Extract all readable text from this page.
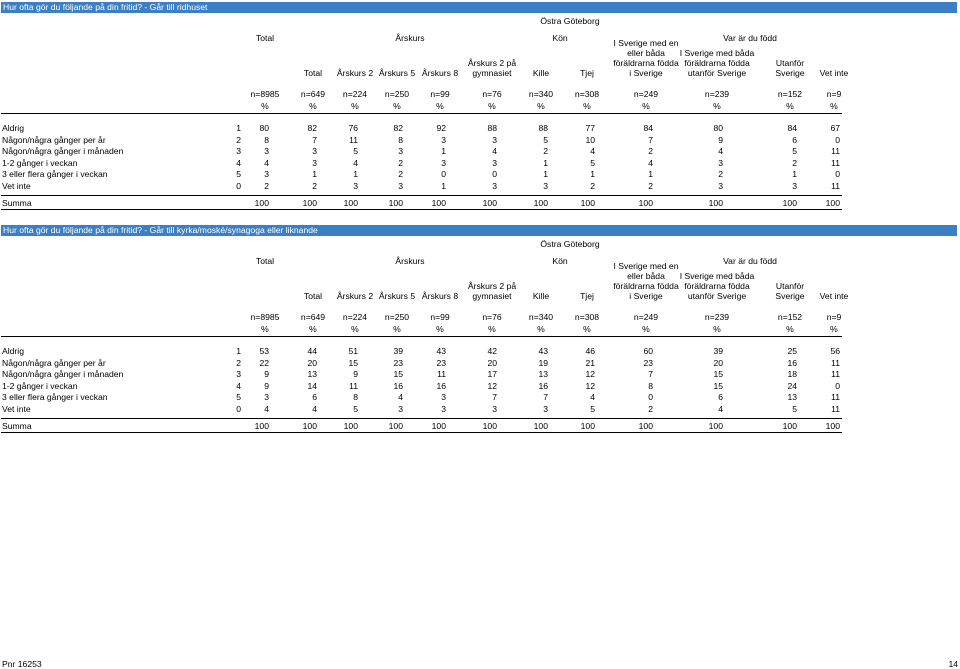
Hur ofta gör du följande på din fritid? - Går till ridhuset
Östra Göteborg
Total	Årskurs	Kön	Var är du född
Total	Årskurs 2 Årskurs 5 Årskurs 8
Årskurs 2 på
gymnasiet	Kille	Tjej
I Sverige med en
eller båda
föräldrarna födda
i Sverige
I Sverige med båda
föräldrarna födda
utanför Sverige
Utanför
Sverige	Vet inte
n=8985	n=649	n=224	n=250	n=99	n=76	n=340	n=308	n=249	n=239	n=152	n=9
%	%	%	%	%	%	%	%	%	%	%	%
Aldrig	1	80	82	76	82	92	88	88	77	84	80	84	67
Någon/några gånger per år	2	8	7	11	8	3	3	5	10	7	9	6	0
Någon/några gånger i månaden	3	3	3	5	3	1	4	2	4	2	4	5	11
1-2 gånger i veckan	4	4	3	4	2	3	3	1	5	4	3	2	11
3 eller flera gånger i veckan	5	3	1	1	2	0	0	1	1	1	2	1	0
Vet inte	0	2	2	3	3	1	3	3	2	2	3	3	11
Summa	100	100	100	100	100	100	100	100	100	100	100	100
Hur ofta gör du följande på din fritid? - Går till kyrka/moské/synagoga eller liknande
Östra Göteborg
Total	Årskurs	Kön	Var är du född
Total	Årskurs 2 Årskurs 5 Årskurs 8
Årskurs 2 på
gymnasiet	Kille	Tjej
I Sverige med en
eller båda
föräldrarna födda
i Sverige
I Sverige med båda
föräldrarna födda
utanför Sverige
Utanför
Sverige	Vet inte
n=8985	n=649	n=224	n=250	n=99	n=76	n=340	n=308	n=249	n=239	n=152	n=9
%	%	%	%	%	%	%	%	%	%	%	%
Aldrig	1	53	44	51	39	43	42	43	46	60	39	25	56
Någon/några gånger per år	2	22	20	15	23	23	20	19	21	23	20	16	11
Någon/några gånger i månaden	3	9	13	9	15	11	17	13	12	7	15	18	11
1-2 gånger i veckan	4	9	14	11	16	16	12	16	12	8	15	24	0
3 eller flera gånger i veckan	5	3	6	8	4	3	7	7	4	0	6	13	11
Vet inte	0	4	4	5	3	3	3	3	5	2	4	5	11
Summa	100	100	100	100	100	100	100	100	100	100	100	100
Pnr 16253	14
